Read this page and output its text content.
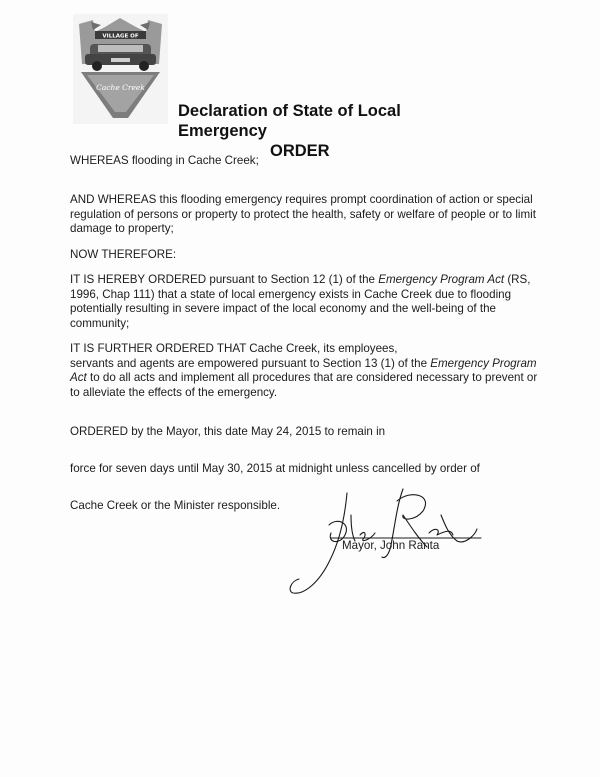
VILLAGE OF
Cache Creek
Declaration of State of Local Emergency
ORDER
WHEREAS flooding in Cache Creek;
AND WHEREAS this flooding emergency requires prompt coordination of action or special regulation of persons or property to protect the health, safety or welfare of people or to limit damage to property;
NOW THEREFORE:
IT IS HEREBY ORDERED pursuant to Section 12 (1) of the Emergency Program Act (RS, 1996, Chap 111) that a state of local emergency exists in Cache Creek due to flooding potentially resulting in severe impact of the local economy and the well-being of the community;
IT IS FURTHER ORDERED THAT Cache Creek, its employees,
servants and agents are empowered pursuant to Section 13 (1) of the Emergency Program Act to do all acts and implement all procedures that are considered necessary to prevent or to alleviate the effects of the emergency.
ORDERED by the Mayor, this date May 24, 2015 to remain in
force for seven days until May 30, 2015 at midnight unless cancelled by order of
Cache Creek or the Minister responsible.
Mayor, John Ranta
